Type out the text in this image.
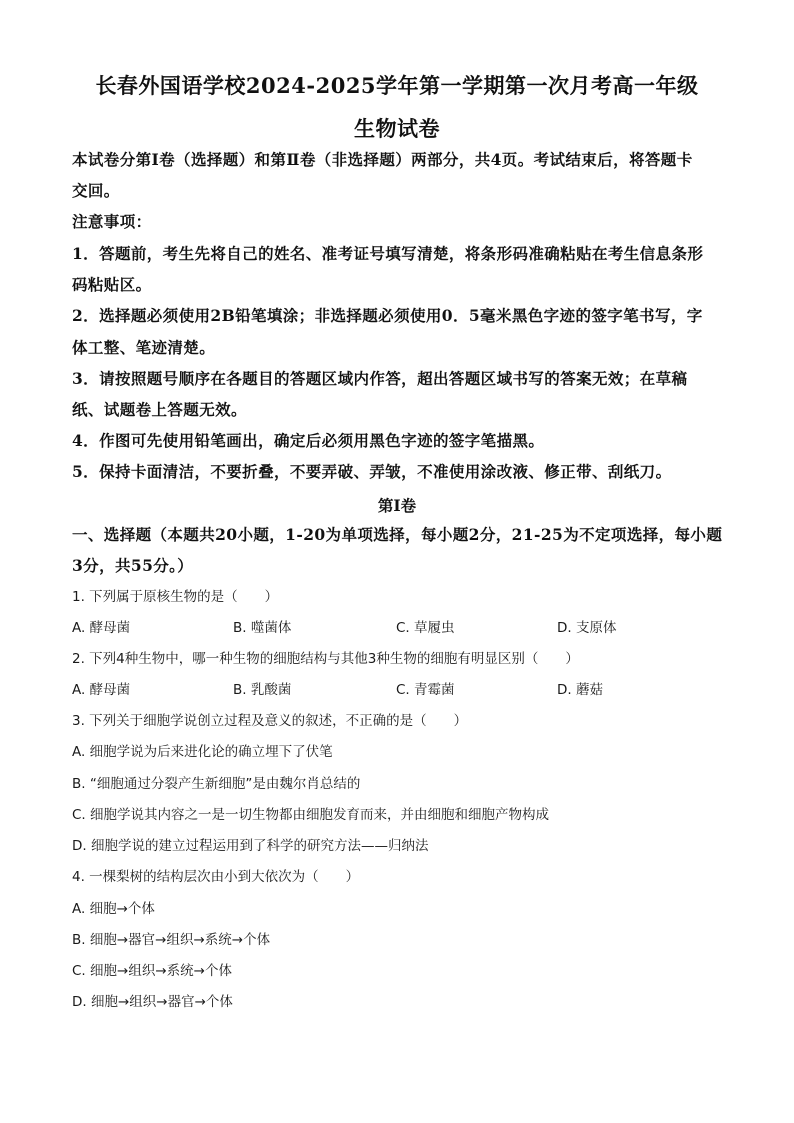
长春外国语学校2024-2025学年第一学期第一次月考高一年级
生物试卷
本试卷分第Ⅰ卷（选择题）和第Ⅱ卷（非选择题）两部分，共4页。考试结束后，将答题卡
交回。
注意事项：
1．答题前，考生先将自己的姓名、准考证号填写清楚，将条形码准确粘贴在考生信息条形
码粘贴区。
2．选择题必须使用2B铅笔填涂；非选择题必须使用0．5毫米黑色字迹的签字笔书写，字
体工整、笔迹清楚。
3．请按照题号顺序在各题目的答题区域内作答，超出答题区域书写的答案无效；在草稿
纸、试题卷上答题无效。
4．作图可先使用铅笔画出，确定后必须用黑色字迹的签字笔描黑。
5．保持卡面清洁，不要折叠，不要弄破、弄皱，不准使用涂改液、修正带、刮纸刀。
第Ⅰ卷
一、选择题（本题共20小题，1-20为单项选择，每小题2分，21-25为不定项选择，每小题
3分，共55分。）
1. 下列属于原核生物的是（　　）
A. 酵母菌	B. 噬菌体	C. 草履虫	D. 支原体
2. 下列4种生物中，哪一种生物的细胞结构与其他3种生物的细胞有明显区别（　　）
A. 酵母菌	B. 乳酸菌	C. 青霉菌	D. 蘑菇
3. 下列关于细胞学说创立过程及意义的叙述，不正确的是（　　）
A. 细胞学说为后来进化论的确立埋下了伏笔
B. “细胞通过分裂产生新细胞”是由魏尔肖总结的
C. 细胞学说其内容之一是一切生物都由细胞发育而来，并由细胞和细胞产物构成
D. 细胞学说的建立过程运用到了科学的研究方法——归纳法
4. 一棵梨树的结构层次由小到大依次为（　　）
A. 细胞→个体
B. 细胞→器官→组织→系统→个体
C. 细胞→组织→系统→个体
D. 细胞→组织→器官→个体
